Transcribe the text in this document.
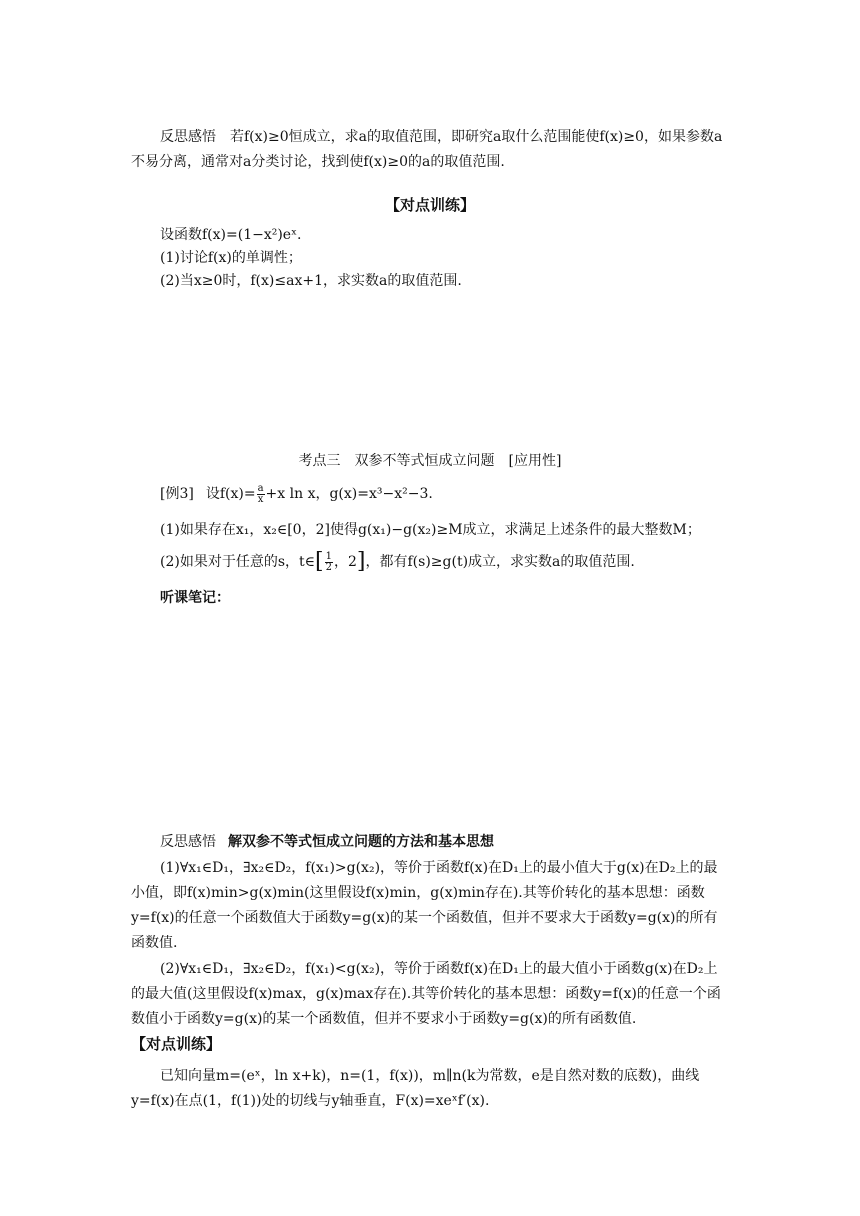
反思感悟 若f(x)≥0恒成立，求a的取值范围，即研究a取什么范围能使f(x)≥0，如果参数a不易分离，通常对a分类讨论，找到使f(x)≥0的a的取值范围.
【对点训练】
设函数f(x)=(1−x²)eˣ.
(1)讨论f(x)的单调性；
(2)当x≥0时，f(x)≤ax+1，求实数a的取值范围.
考点三　双参不等式恒成立问题　[应用性]
[例3] 设$f(x)= \frac{a}{x} +x$ ln x，g(x)=x³−x²−3.
(1)如果存在x₁，x₂∈[0，2]使得g(x₁)−g(x₂)≥M成立，求满足上述条件的最大整数M；
(2)如果对于任意的s，t∈[ $\frac{1}{2}$ ，2]，都有f(s)≥g(t)成立，求实数a的取值范围.
听课笔记：
反思感悟 解双参不等式恒成立问题的方法和基本思想
(1)∀x₁∈D₁，∃x₂∈D₂，f(x₁)>g(x₂)，等价于函数f(x)在D₁上的最小值大于g(x)在D₂上的最小值，即f(x)min>g(x)min(这里假设f(x)min，g(x)min存在).其等价转化的基本思想：函数y=f(x)的任意一个函数值大于函数y=g(x)的某一个函数值，但并不要求大于函数y=g(x)的所有函数值.
(2)∀x₁∈D₁，∃x₂∈D₂，f(x₁)<g(x₂)，等价于函数f(x)在D₁上的最大值小于函数g(x)在D₂上的最大值(这里假设f(x)max，g(x)max存在).其等价转化的基本思想：函数y=f(x)的任意一个函数值小于函数y=g(x)的某一个函数值，但并不要求小于函数y=g(x)的所有函数值.
【对点训练】
已知向量m=(eˣ，ln x+k)，n=(1，f(x))，m∥n(k为常数，e是自然对数的底数)，曲线y=f(x)在点(1，f(1))处的切线与y轴垂直，F(x)=xeˣf′(x).
